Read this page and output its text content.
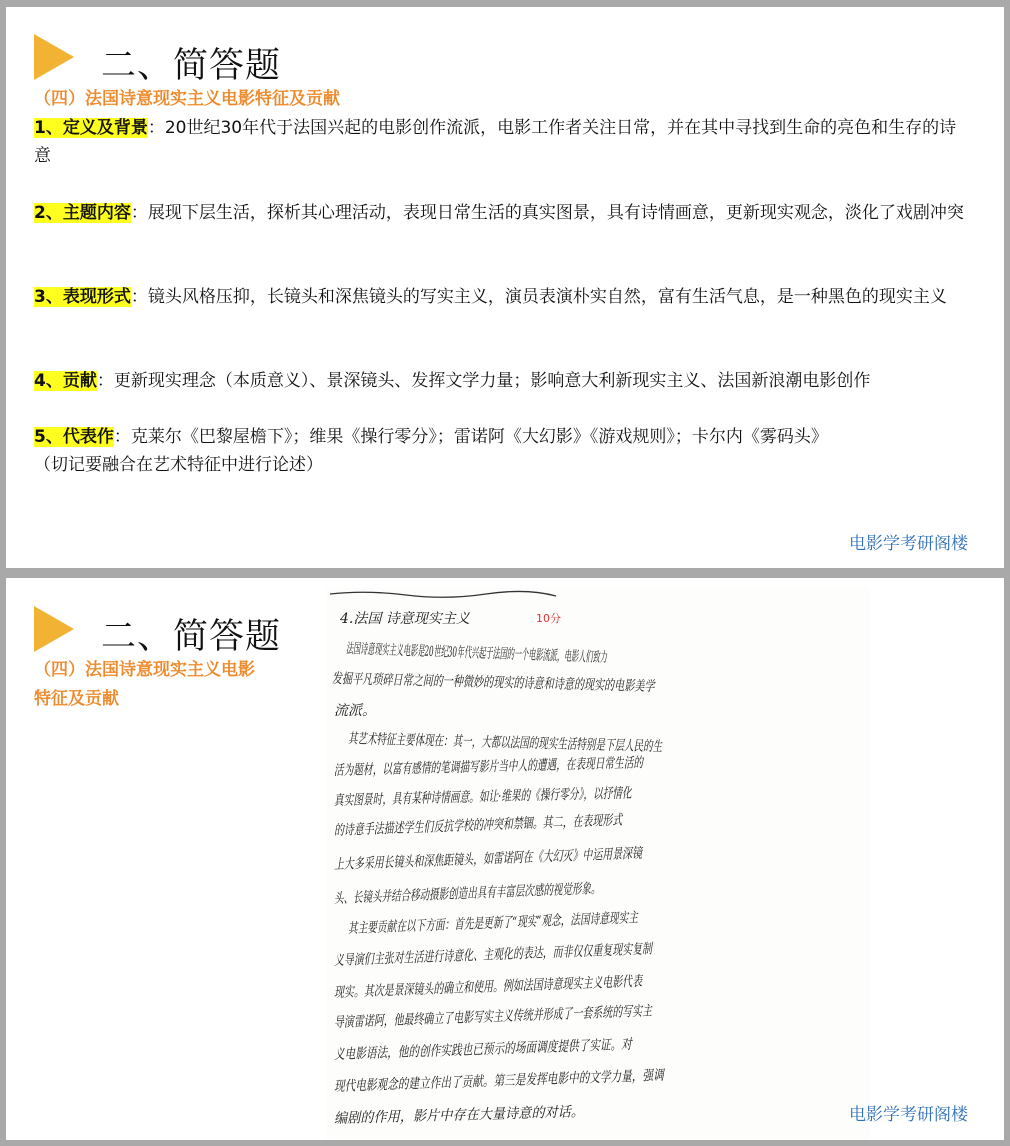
二、简答题
（四）法国诗意现实主义电影特征及贡献
1、定义及背景：20世纪30年代于法国兴起的电影创作流派，电影工作者关注日常，并在其中寻找到生命的亮色和生存的诗意
2、主题内容：展现下层生活，探析其心理活动，表现日常生活的真实图景，具有诗情画意，更新现实观念，淡化了戏剧冲突
3、表现形式：镜头风格压抑，长镜头和深焦镜头的写实主义，演员表演朴实自然，富有生活气息，是一种黑色的现实主义
4、贡献：更新现实理念（本质意义）、景深镜头、发挥文学力量；影响意大利新现实主义、法国新浪潮电影创作
5、代表作：克莱尔《巴黎屋檐下》；维果《操行零分》；雷诺阿《大幻影》《游戏规则》；卡尔内《雾码头》
（切记要融合在艺术特征中进行论述）
电影学考研阁楼
二、简答题
（四）法国诗意现实主义电影
特征及贡献
10分
4.法国 诗意现实主义
法国诗意现实主义电影是20世纪30年代兴起于法国的一个电影流派，电影人们致力
发掘平凡琐碎日常之间的一种微妙的现实的诗意和诗意的现实的电影美学
流派。
其艺术特征主要体现在：其一，大都以法国的现实生活特别是下层人民的生
活为题材，以富有感情的笔调描写影片当中人的遭遇，在表现日常生活的
真实图景时，具有某种诗情画意。如让·维果的《操行零分》，以抒情化
的诗意手法描述学生们反抗学校的冲突和禁锢。其二，在表现形式
上大多采用长镜头和深焦距镜头，如雷诺阿在《大幻灭》中运用景深镜
头、长镜头并结合移动摄影创造出具有丰富层次感的视觉形象。
其主要贡献在以下方面：首先是更新了“现实”观念，法国诗意现实主
义导演们主张对生活进行诗意化、主观化的表达，而非仅仅重复现实复制
现实。其次是景深镜头的确立和使用。例如法国诗意现实主义电影代表
导演雷诺阿，他最终确立了电影写实主义传统并形成了一套系统的写实主
义电影语法，他的创作实践也已预示的场面调度提供了实证。对
现代电影观念的建立作出了贡献。第三是发挥电影中的文学力量，强调
编剧的作用，影片中存在大量诗意的对话。	电影学考研阁楼
